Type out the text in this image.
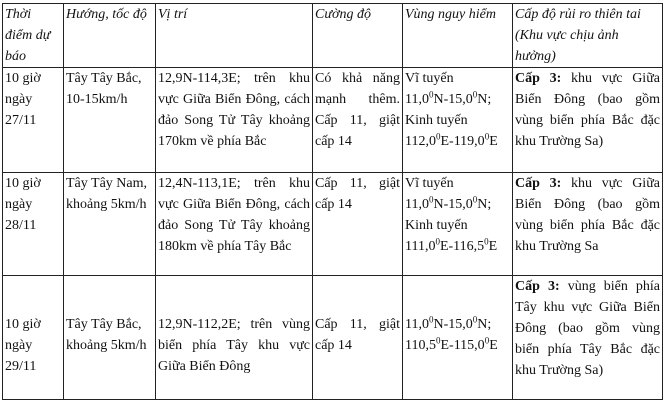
Thời điểm dự báo	Hướng, tốc độ	Vị trí	Cường độ	Vùng nguy hiểm	Cấp độ rủi ro thiên tai (Khu vực chịu ảnh hưởng)
10 giờ ngày 27/11	Tây Tây Bắc, 10-15km/h	12,9N-114,3E; trên khu vực Giữa Biển Đông, cách đảo Song Tử Tây khoảng 170km về phía Bắc	Có khả năng mạnh thêm. Cấp 11, giật cấp 14	Vĩ tuyến
11,0$^0$N-15,0$^0$N;
Kinh tuyến
112,0$^0$E-119,0$^0$E	Cấp 3: khu vực Giữa Biển Đông (bao gồm vùng biển phía Bắc đặc khu Trường Sa)
10 giờ ngày 28/11	Tây Tây Nam, khoảng 5km/h	12,4N-113,1E; trên khu vực Giữa Biển Đông, cách đảo Song Tử Tây khoảng 180km về phía Tây Bắc	Cấp 11, giật cấp 14	Vĩ tuyến
11,0$^0$N-15,0$^0$N;
Kinh tuyến
111,0$^0$E-116,5$^0$E	Cấp 3: khu vực Giữa Biển Đông (bao gồm vùng biển phía Bắc đặc khu Trường Sa

10 giờ ngày 29/11	Tây Tây Bắc, khoảng 5km/h	12,9N-112,2E; trên vùng biển phía Tây khu vực Giữa Biển Đông	Cấp 11, giật cấp 14	11,0$^0$N-15,0$^0$N;
110,5$^0$E-115,0$^0$E	Cấp 3: vùng biển phía Tây khu vực Giữa Biển Đông (bao gồm vùng biển phía Tây Bắc đặc khu Trường Sa)
